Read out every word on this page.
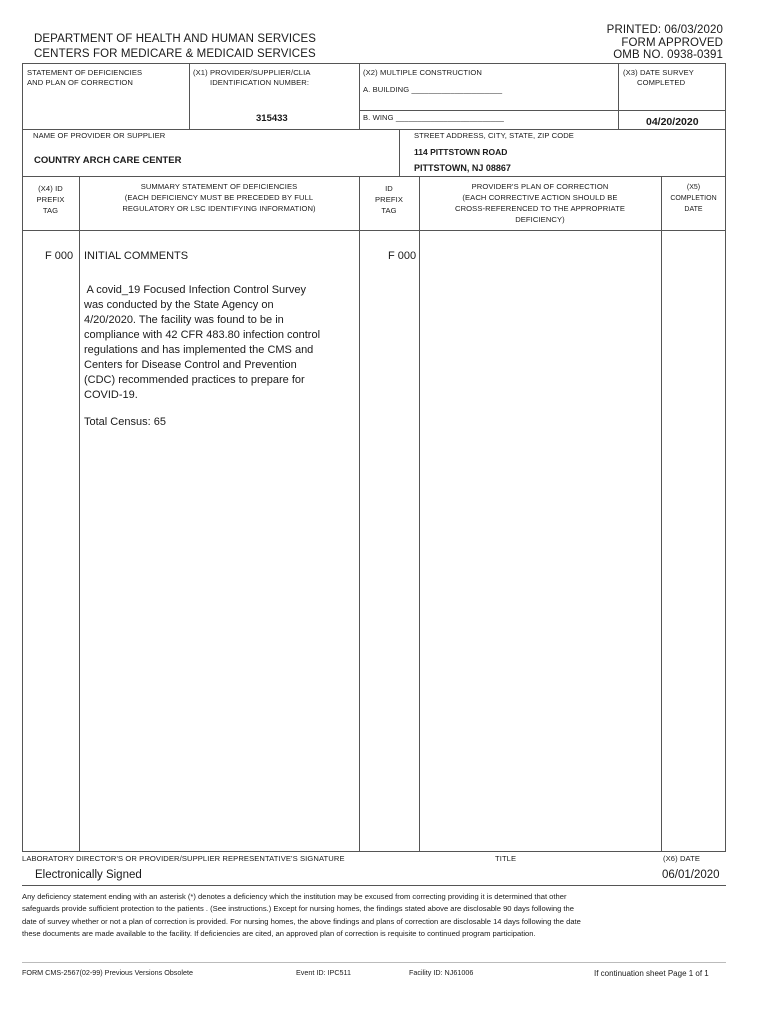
DEPARTMENT OF HEALTH AND HUMAN SERVICES
CENTERS FOR MEDICARE & MEDICAID SERVICES
PRINTED: 06/03/2020
FORM APPROVED
OMB NO. 0938-0391
STATEMENT OF DEFICIENCIES
AND PLAN OF CORRECTION
(X1) PROVIDER/SUPPLIER/CLIA
IDENTIFICATION NUMBER:
315433
(X2) MULTIPLE CONSTRUCTION
A. BUILDING _____________________
B. WING _________________________
(X3) DATE SURVEY
COMPLETED
04/20/2020
NAME OF PROVIDER OR SUPPLIER
COUNTRY ARCH CARE CENTER
STREET ADDRESS, CITY, STATE, ZIP CODE
114 PITTSTOWN ROAD
PITTSTOWN, NJ 08867
(X4) ID
PREFIX
TAG
SUMMARY STATEMENT OF DEFICIENCIES
(EACH DEFICIENCY MUST BE PRECEDED BY FULL
REGULATORY OR LSC IDENTIFYING INFORMATION)
ID
PREFIX
TAG
PROVIDER'S PLAN OF CORRECTION
(EACH CORRECTIVE ACTION SHOULD BE
CROSS-REFERENCED TO THE APPROPRIATE
DEFICIENCY)
(X5)
COMPLETION
DATE
F 000 INITIAL COMMENTS	F 000
A covid_19 Focused Infection Control Survey
was conducted by the State Agency on
4/20/2020. The facility was found to be in
compliance with 42 CFR 483.80 infection control
regulations and has implemented the CMS and
Centers for Disease Control and Prevention
(CDC) recommended practices to prepare for
COVID-19.
Total Census: 65
LABORATORY DIRECTOR'S OR PROVIDER/SUPPLIER REPRESENTATIVE'S SIGNATURE	TITLE	(X6) DATE
Electronically Signed	06/01/2020
Any deficiency statement ending with an asterisk (*) denotes a deficiency which the institution may be excused from correcting providing it is determined that other
safeguards provide sufficient protection to the patients . (See instructions.) Except for nursing homes, the findings stated above are disclosable 90 days following the
date of survey whether or not a plan of correction is provided. For nursing homes, the above findings and plans of correction are disclosable 14 days following the date
these documents are made available to the facility. If deficiencies are cited, an approved plan of correction is requisite to continued program participation.
FORM CMS-2567(02-99) Previous Versions Obsolete	Event ID: IPC511	Facility ID: NJ61006	If continuation sheet Page 1 of 1
